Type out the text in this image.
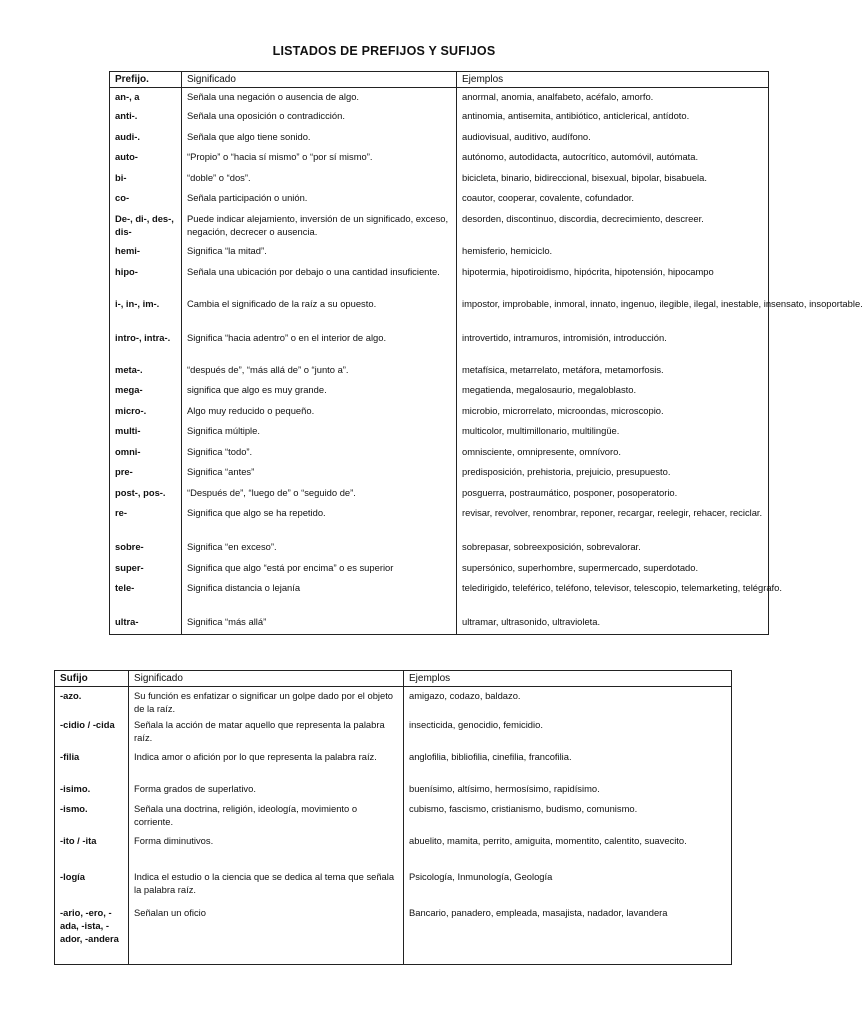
LISTADOS DE PREFIJOS Y SUFIJOS
Prefijo.	Significado	Ejemplos
an-, a	Señala una negación o ausencia de algo.	anormal, anomia, analfabeto, acéfalo, amorfo.
anti-.	Señala una oposición o contradicción.	antinomia, antisemita, antibiótico, anticlerical, antídoto.
audi-.	Señala que algo tiene sonido.	audiovisual, auditivo, audífono.
auto-	“Propio” o “hacia sí mismo” o “por sí mismo”.	autónomo, autodidacta, autocrítico, automóvil, autómata.
bi-	“doble” o “dos”.	bicicleta, binario, bidireccional, bisexual, bipolar, bisabuela.
co-	Señala participación o unión.	coautor, cooperar, covalente, cofundador.
De-, di-, des-, dis-	Puede indicar alejamiento, inversión de un significado, exceso, negación, decrecer o ausencia.	desorden, discontinuo, discordia, decrecimiento, descreer.
hemi-	Significa “la mitad”.	hemisferio, hemiciclo.
hipo-	Señala una ubicación por debajo o una cantidad insuficiente.	hipotermia, hipotiroidismo, hipócrita, hipotensión, hipocampo
i-, in-, im-.	Cambia el significado de la raíz a su opuesto.	impostor, improbable, inmoral, innato, ingenuo, ilegible, ilegal, inestable, insensato, insoportable.
intro-, intra-.	Significa “hacia adentro” o en el interior de algo.	introvertido, intramuros, intromisión, introducción.
meta-.	“después de”, “más allá de” o “junto a”.	metafísica, metarrelato, metáfora, metamorfosis.
mega-	significa que algo es muy grande.	megatienda, megalosaurio, megaloblasto.
micro-.	Algo muy reducido o pequeño.	microbio, microrrelato, microondas, microscopio.
multi-	Significa múltiple.	multicolor, multimillonario, multilingüe.
omni-	Significa “todo”.	omnisciente, omnipresente, omnívoro.
pre-	Significa “antes”	predisposición, prehistoria, prejuicio, presupuesto.
post-, pos-.	“Después de”, “luego de” o “seguido de”.	posguerra, postraumático, posponer, posoperatorio.
re-	Significa que algo se ha repetido.	revisar, revolver, renombrar, reponer, recargar, reelegir, rehacer, reciclar.
sobre-	Significa “en exceso”.	sobrepasar, sobreexposición, sobrevalorar.
super-	Significa que algo “está por encima” o es superior	supersónico, superhombre, supermercado, superdotado.
tele-	Significa distancia o lejanía	teledirigido, teleférico, teléfono, televisor, telescopio, telemarketing, telégrafo.
ultra-	Significa “más allá”	ultramar, ultrasonido, ultravioleta.
Sufijo	Significado	Ejemplos
-azo.	Su función es enfatizar o significar un golpe dado por el objeto de la raíz.	amigazo, codazo, baldazo.
-cidio / -cida	Señala la acción de matar aquello que representa la palabra raíz.	insecticida, genocidio, femicidio.
-filia	Indica amor o afición por lo que representa la palabra raíz.	anglofilia, bibliofilia, cinefilia, francofilia.
-isimo.	Forma grados de superlativo.	buenísimo, altísimo, hermosísimo, rapidísimo.
-ismo.	Señala una doctrina, religión, ideología, movimiento o corriente.	cubismo, fascismo, cristianismo, budismo, comunismo.
-ito / -ita	Forma diminutivos.	abuelito, mamita, perrito, amiguita, momentito, calentito, suavecito.
-logía	Indica el estudio o la ciencia que se dedica al tema que señala la palabra raíz.	Psicología, Inmunología, Geología
-ario, -ero, -ada, -ista, -ador, -andera	Señalan un oficio	Bancario, panadero, empleada, masajista, nadador, lavandera
